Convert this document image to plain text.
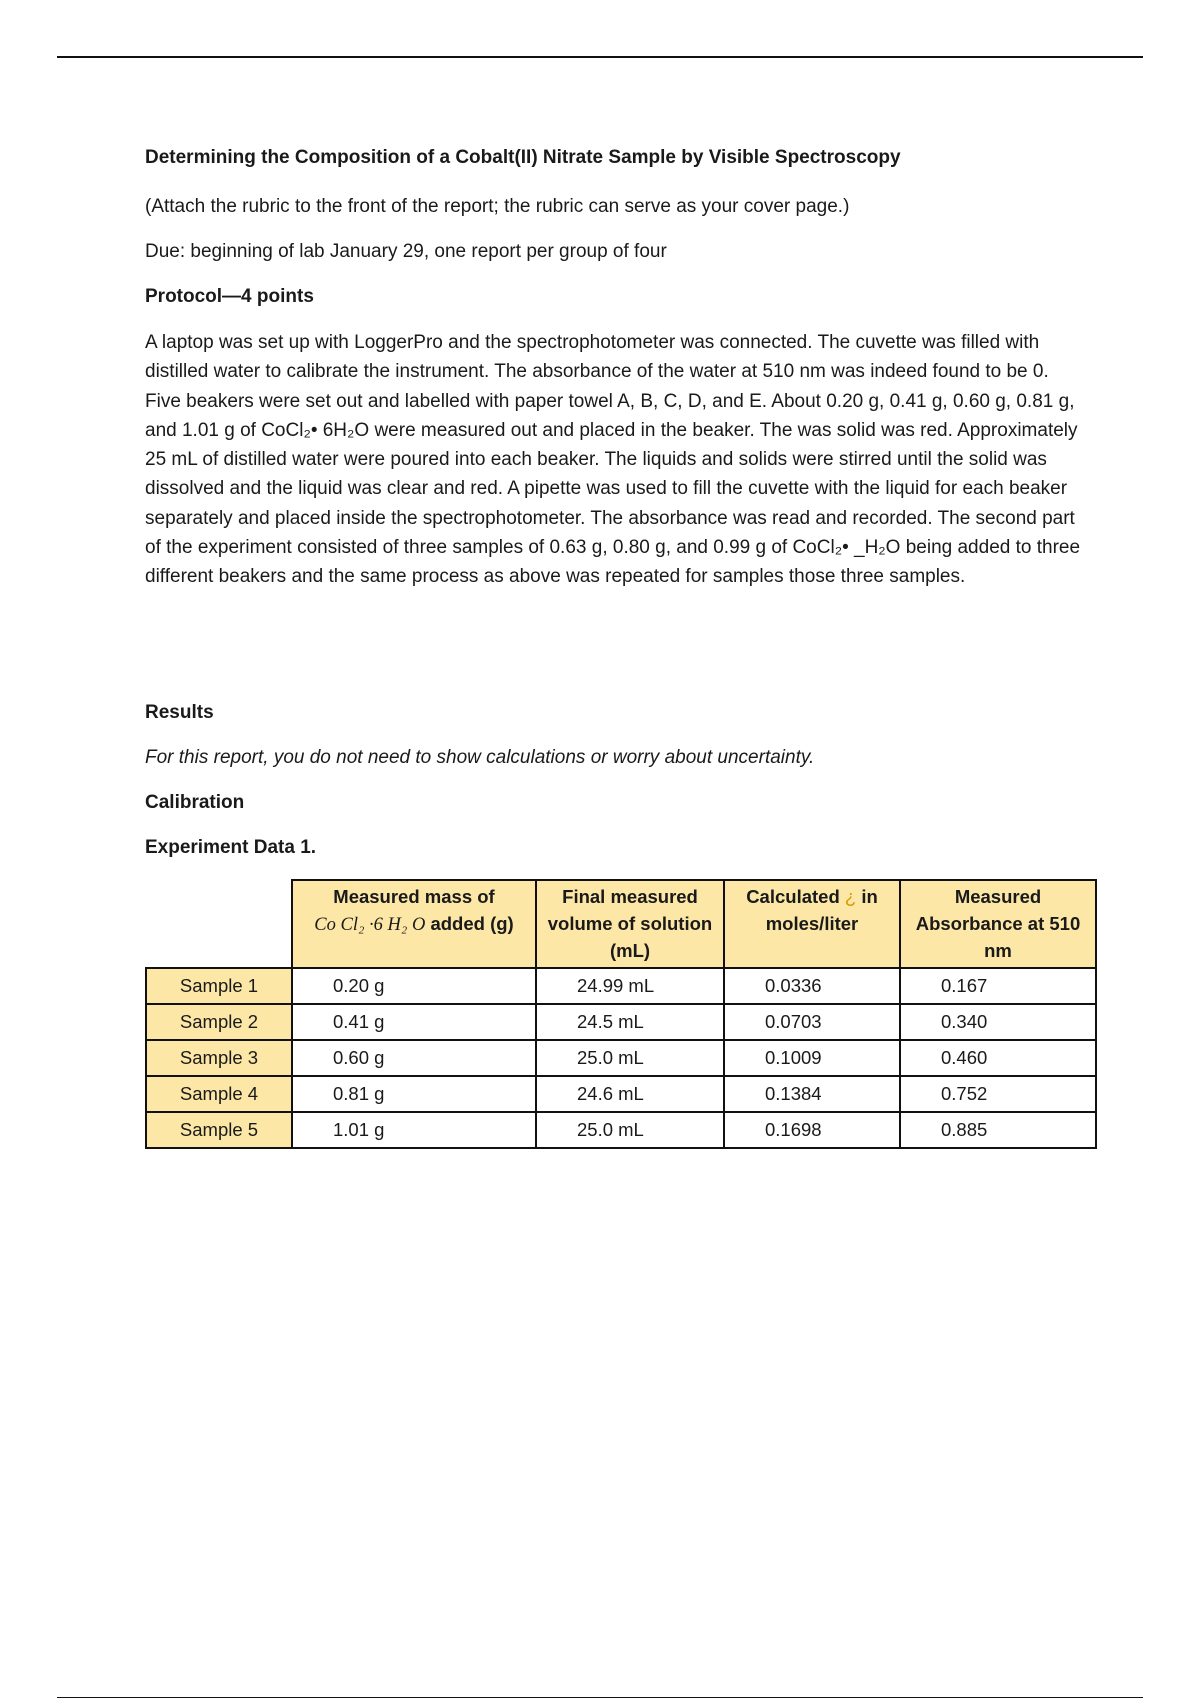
Determining the Composition of a Cobalt(II) Nitrate Sample by Visible Spectroscopy

(Attach the rubric to the front of the report; the rubric can serve as your cover page.)

Due: beginning of lab January 29, one report per group of four

Protocol—4 points

A laptop was set up with LoggerPro and the spectrophotometer was connected. The cuvette was filled with distilled water to calibrate the instrument. The absorbance of the water at 510 nm was indeed found to be 0. Five beakers were set out and labelled with paper towel A, B, C, D, and E. About 0.20 g, 0.41 g, 0.60 g, 0.81 g, and 1.01 g of CoCl₂• 6H₂O were measured out and placed in the beaker. The was solid was red. Approximately 25 mL of distilled water were poured into each beaker. The liquids and solids were stirred until the solid was dissolved and the liquid was clear and red. A pipette was used to fill the cuvette with the liquid for each beaker separately and placed inside the spectrophotometer. The absorbance was read and recorded. The second part of the experiment consisted of three samples of 0.63 g, 0.80 g, and 0.99 g of CoCl₂• _H₂O being added to three different beakers and the same process as above was repeated for samples those three samples.

Results

For this report, you do not need to show calculations or worry about uncertainty.

Calibration
Experiment Data 1.
	Measured mass of
Co Cl₂ ·6 H₂ O added (g)	Final measured volume of solution (mL)	Calculated ¿ in moles/liter	Measured Absorbance at 510 nm
Sample 1	0.20 g	24.99 mL	0.0336	0.167
Sample 2	0.41 g	24.5 mL	0.0703	0.340
Sample 3	0.60 g	25.0 mL	0.1009	0.460
Sample 4	0.81 g	24.6 mL	0.1384	0.752
Sample 5	1.01 g	25.0 mL	0.1698	0.885
